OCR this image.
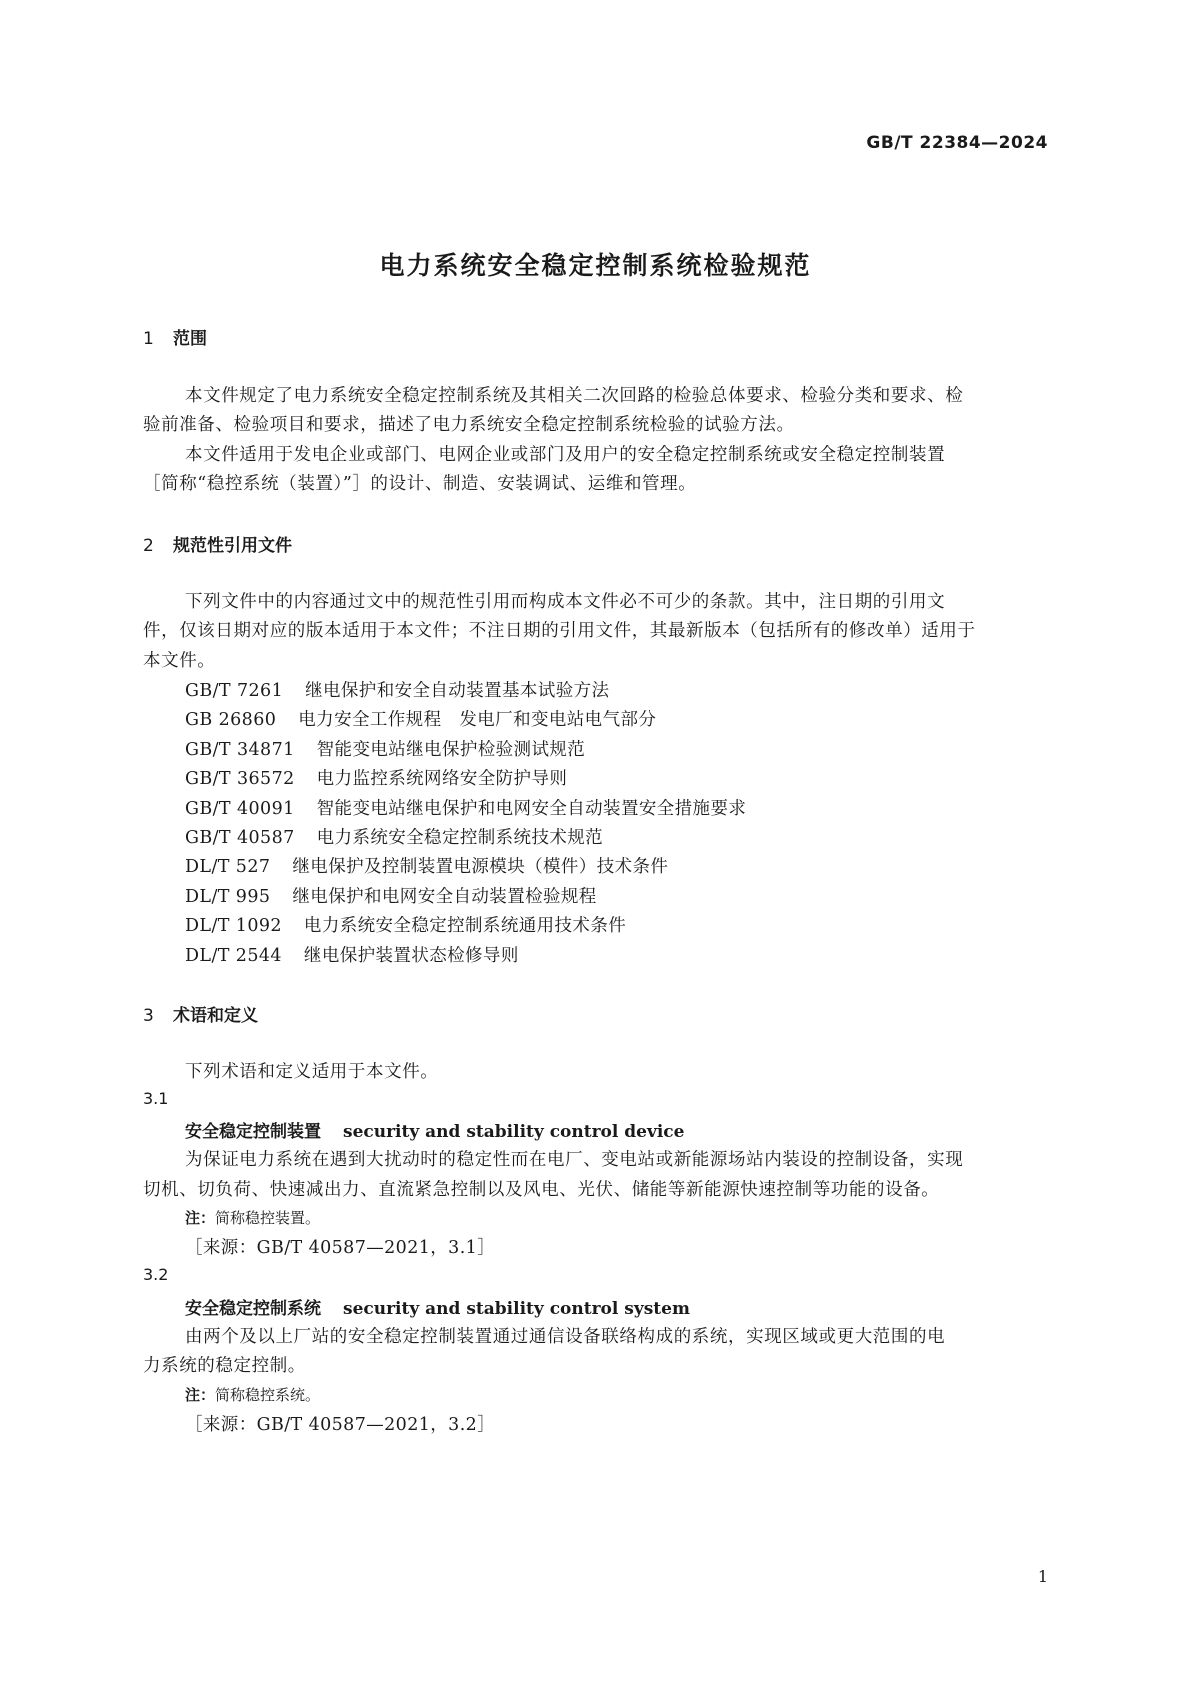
GB/T 22384—2024
电力系统安全稳定控制系统检验规范
1 范围
本文件规定了电力系统安全稳定控制系统及其相关二次回路的检验总体要求、检验分类和要求、检
验前准备、检验项目和要求，描述了电力系统安全稳定控制系统检验的试验方法。
本文件适用于发电企业或部门、电网企业或部门及用户的安全稳定控制系统或安全稳定控制装置
［简称“稳控系统（装置）”］的设计、制造、安装调试、运维和管理。
2 规范性引用文件
下列文件中的内容通过文中的规范性引用而构成本文件必不可少的条款。其中，注日期的引用文
件，仅该日期对应的版本适用于本文件；不注日期的引用文件，其最新版本（包括所有的修改单）适用于
本文件。
GB/T 7261 继电保护和安全自动装置基本试验方法
GB 26860 电力安全工作规程　发电厂和变电站电气部分
GB/T 34871 智能变电站继电保护检验测试规范
GB/T 36572 电力监控系统网络安全防护导则
GB/T 40091 智能变电站继电保护和电网安全自动装置安全措施要求
GB/T 40587 电力系统安全稳定控制系统技术规范
DL/T 527 继电保护及控制装置电源模块（模件）技术条件
DL/T 995 继电保护和电网安全自动装置检验规程
DL/T 1092 电力系统安全稳定控制系统通用技术条件
DL/T 2544 继电保护装置状态检修导则
3 术语和定义
下列术语和定义适用于本文件。
3.1
安全稳定控制装置 security and stability control device
为保证电力系统在遇到大扰动时的稳定性而在电厂、变电站或新能源场站内装设的控制设备，实现
切机、切负荷、快速减出力、直流紧急控制以及风电、光伏、储能等新能源快速控制等功能的设备。
注：简称稳控装置。
［来源：GB/T 40587—2021，3.1］
3.2
安全稳定控制系统 security and stability control system
由两个及以上厂站的安全稳定控制装置通过通信设备联络构成的系统，实现区域或更大范围的电
力系统的稳定控制。
注：简称稳控系统。
［来源：GB/T 40587—2021，3.2］
1
